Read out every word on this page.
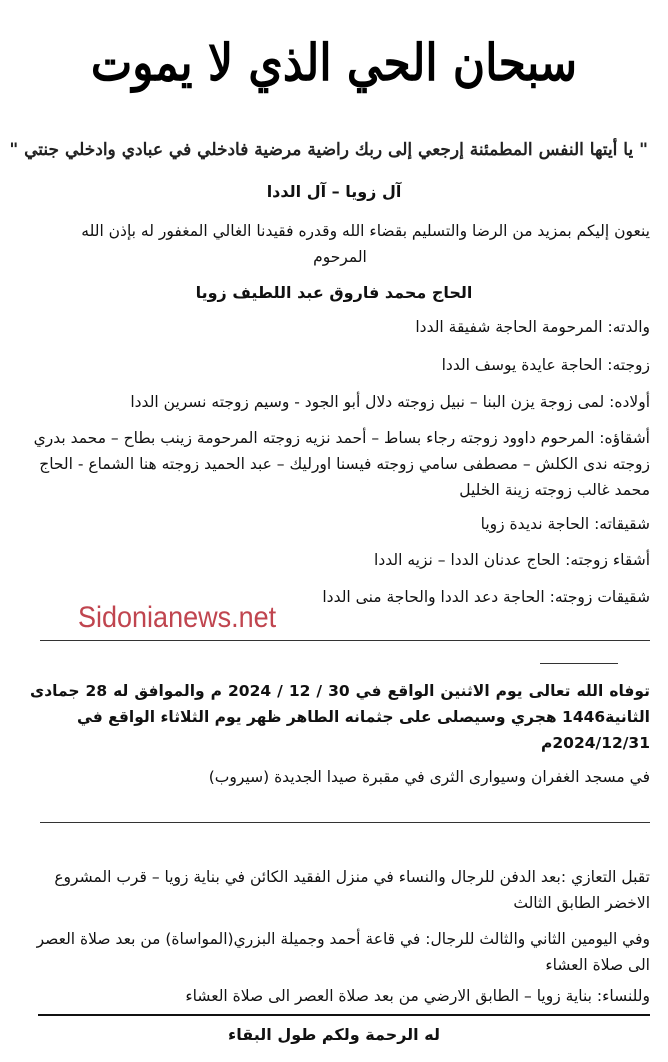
سبحان الحي الذي لا يموت
" يا أيتها النفس المطمئنة إرجعي إلى ربك راضية مرضية فادخلي في عبادي وادخلي جنتي "
آل زويا – آل الددا
ينعون إليكم بمزيد من الرضا والتسليم بقضاء الله وقدره فقيدنا الغالي المغفور له بإذن الله
المرحوم
الحاج محمد فاروق عبد اللطيف زويا
والدته: المرحومة الحاجة شفيقة الددا
زوجته: الحاجة عايدة يوسف الددا
أولاده: لمى زوجة يزن البنا – نبيل زوجته دلال أبو الجود - وسيم زوجته نسرين الددا
أشقاؤه: المرحوم داوود زوجته رجاء بساط – أحمد نزيه زوجته المرحومة زينب بطاح – محمد بدري زوجته ندى الكلش – مصطفى سامي زوجته فيسنا اورليك – عبد الحميد زوجته هنا الشماع - الحاج محمد غالب زوجته زينة الخليل
شقيقاته: الحاجة نديدة زويا
أشقاء زوجته: الحاج عدنان الددا – نزيه الددا
شقيقات زوجته: الحاجة دعد الددا والحاجة منى الددا
Sidonianews.net
توفاه الله تعالى يوم الاثنين الواقع في 30 / 12 / 2024 م والموافق له 28 جمادى الثانية1446 هجري وسيصلى على جثمانه الطاهر ظهر يوم الثلاثاء الواقع في
2024/12/31م
في مسجد الغفران وسيوارى الثرى في مقبرة صيدا الجديدة (سيروب)
تقبل التعازي :بعد الدفن للرجال والنساء في منزل الفقيد الكائن في بناية زويا – قرب المشروع الاخضر الطابق الثالث
وفي اليومين الثاني والثالث للرجال: في قاعة أحمد وجميلة البزري(المواساة) من بعد صلاة العصر الى صلاة العشاء
وللنساء: بناية زويا – الطابق الارضي من بعد صلاة العصر الى صلاة العشاء
له الرحمة ولكم طول البقاء
